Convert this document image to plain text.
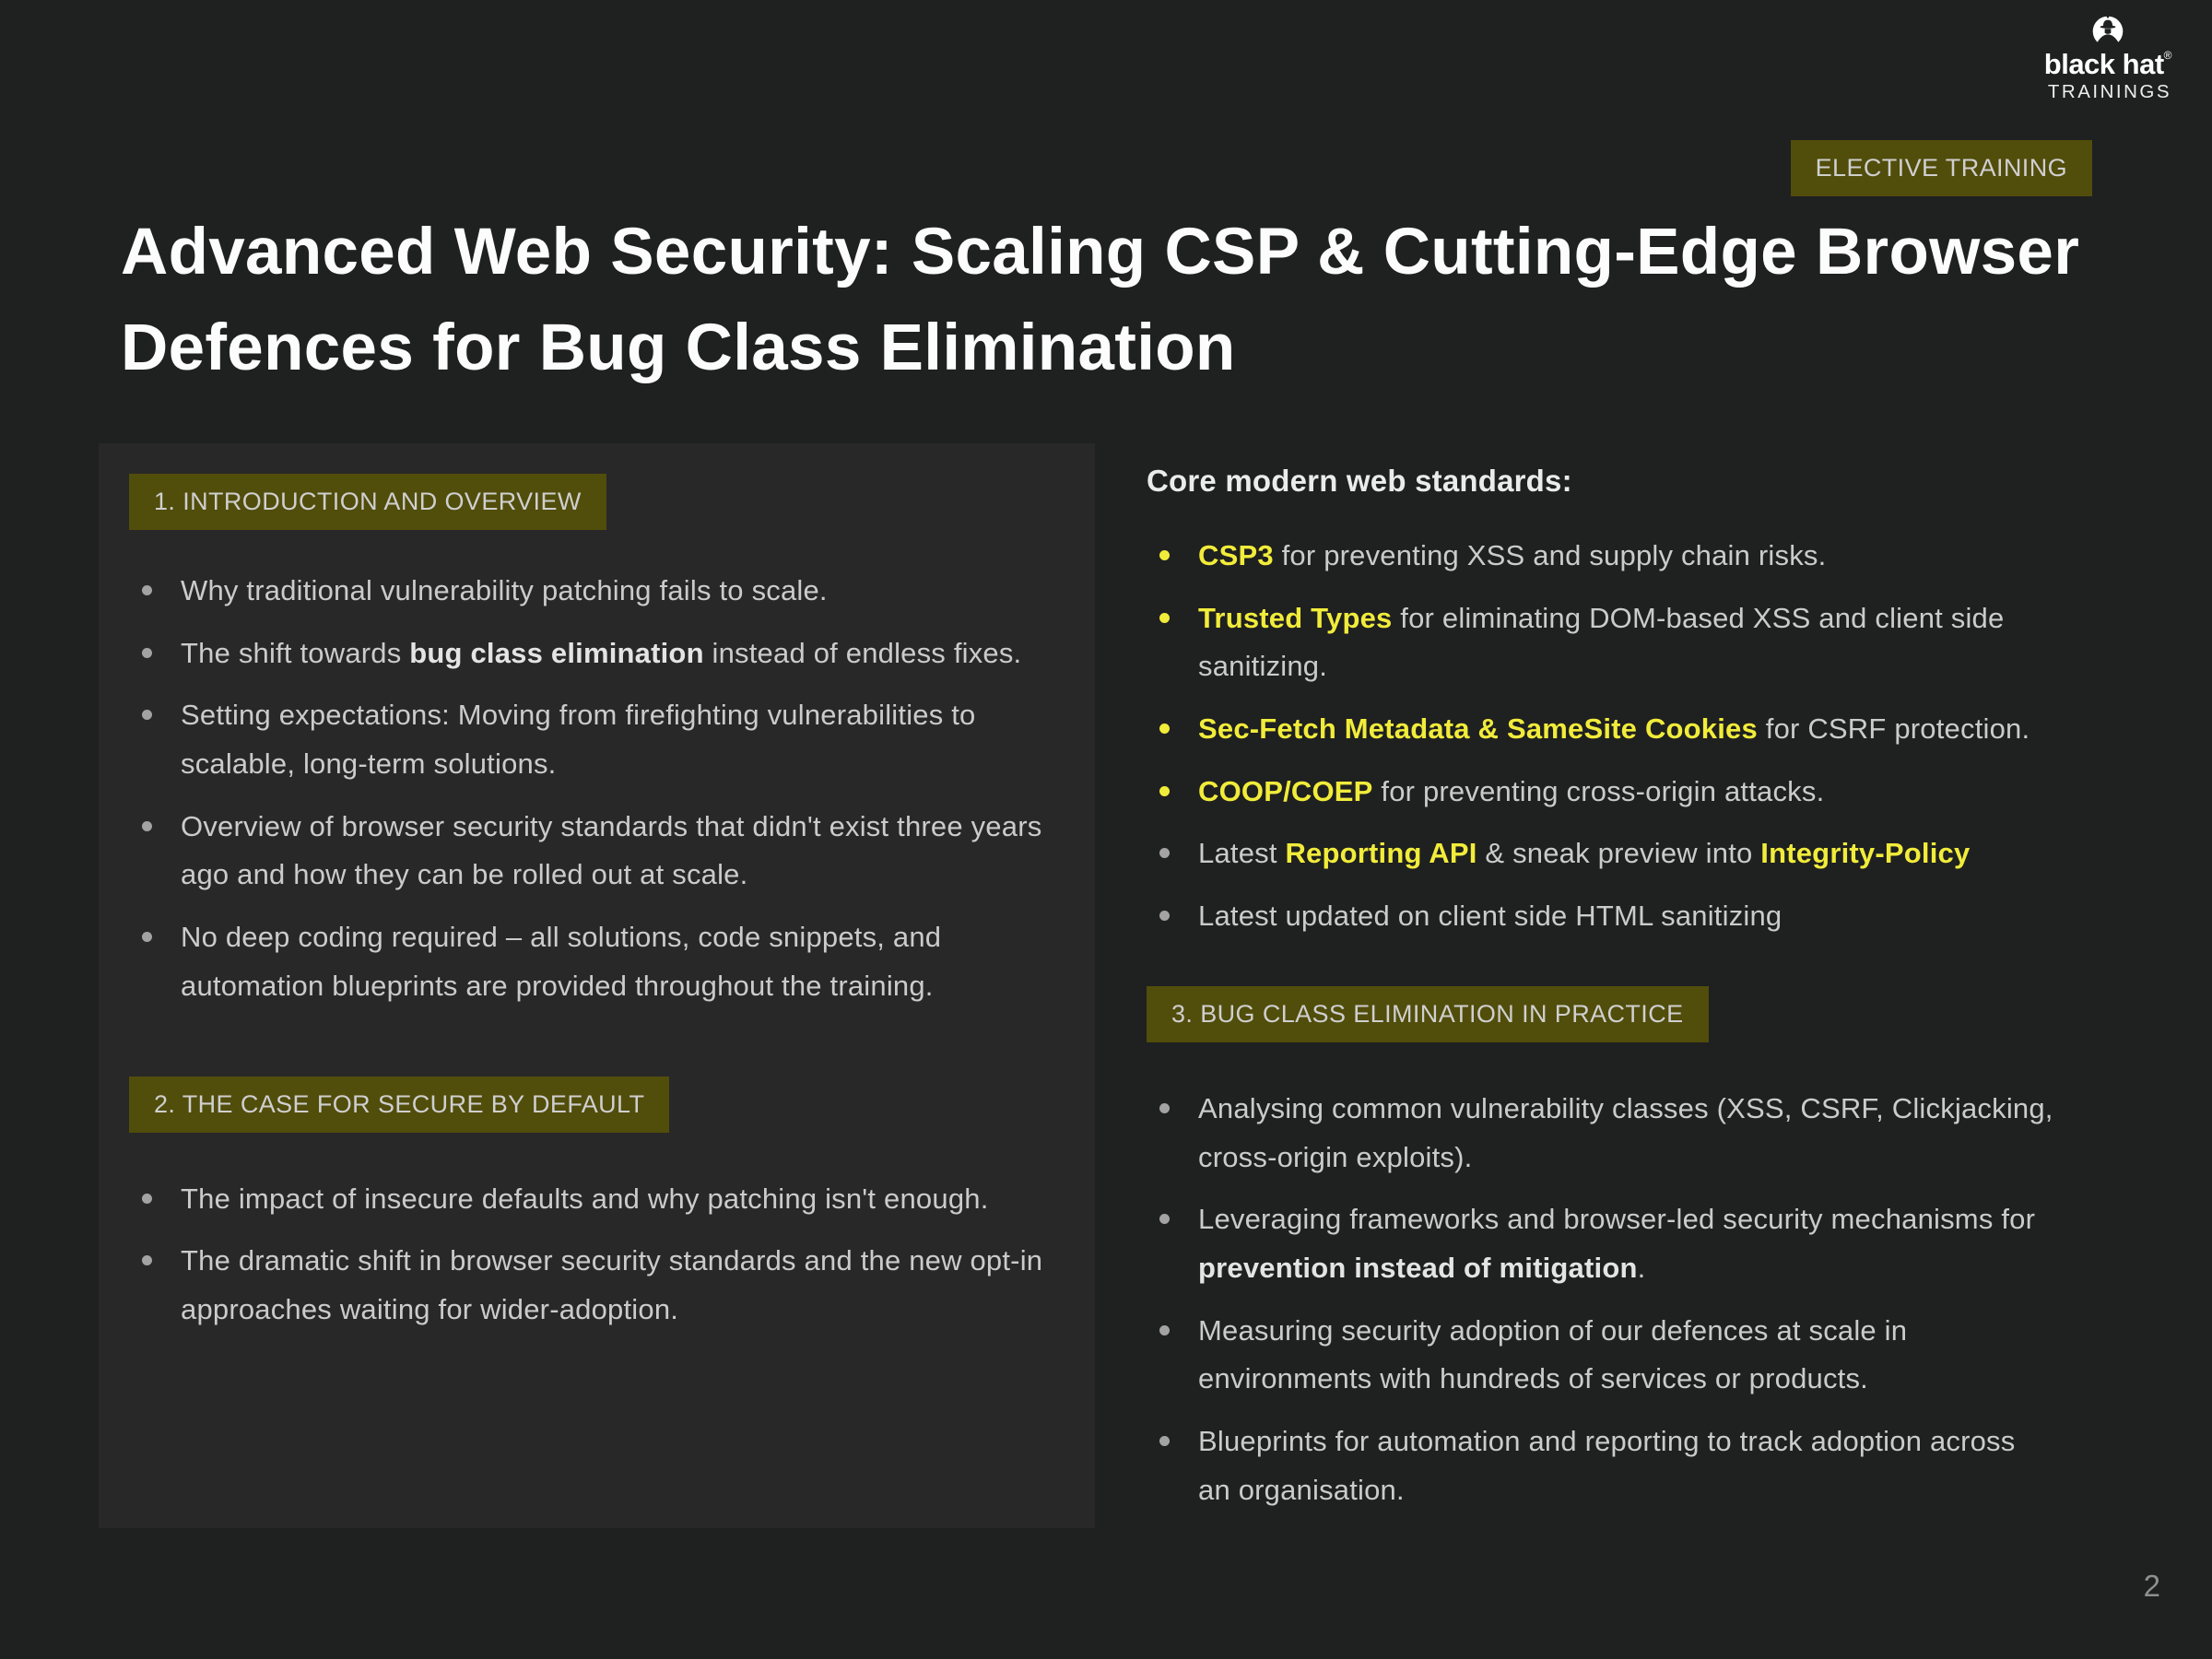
black hat®
TRAININGS
ELECTIVE TRAINING
Advanced Web Security: Scaling CSP & Cutting-Edge Browser Defences for Bug Class Elimination
1. INTRODUCTION AND OVERVIEW
Why traditional vulnerability patching fails to scale.
The shift towards bug class elimination instead of endless fixes.
Setting expectations: Moving from firefighting vulnerabilities to scalable, long-term solutions.
Overview of browser security standards that didn't exist three years ago and how they can be rolled out at scale.
No deep coding required – all solutions, code snippets, and automation blueprints are provided throughout the training.
2. THE CASE FOR SECURE BY DEFAULT
The impact of insecure defaults and why patching isn't enough.
The dramatic shift in browser security standards and the new opt-in approaches waiting for wider-adoption.
Core modern web standards:
CSP3 for preventing XSS and supply chain risks.
Trusted Types for eliminating DOM-based XSS and client side sanitizing.
Sec-Fetch Metadata & SameSite Cookies for CSRF protection.
COOP/COEP for preventing cross-origin attacks.
Latest Reporting API & sneak preview into Integrity-Policy
Latest updated on client side HTML sanitizing
3. BUG CLASS ELIMINATION IN PRACTICE
Analysing common vulnerability classes (XSS, CSRF, Clickjacking, cross-origin exploits).
Leveraging frameworks and browser-led security mechanisms for prevention instead of mitigation.
Measuring security adoption of our defences at scale in environments with hundreds of services or products.
Blueprints for automation and reporting to track adoption across an organisation.
2
